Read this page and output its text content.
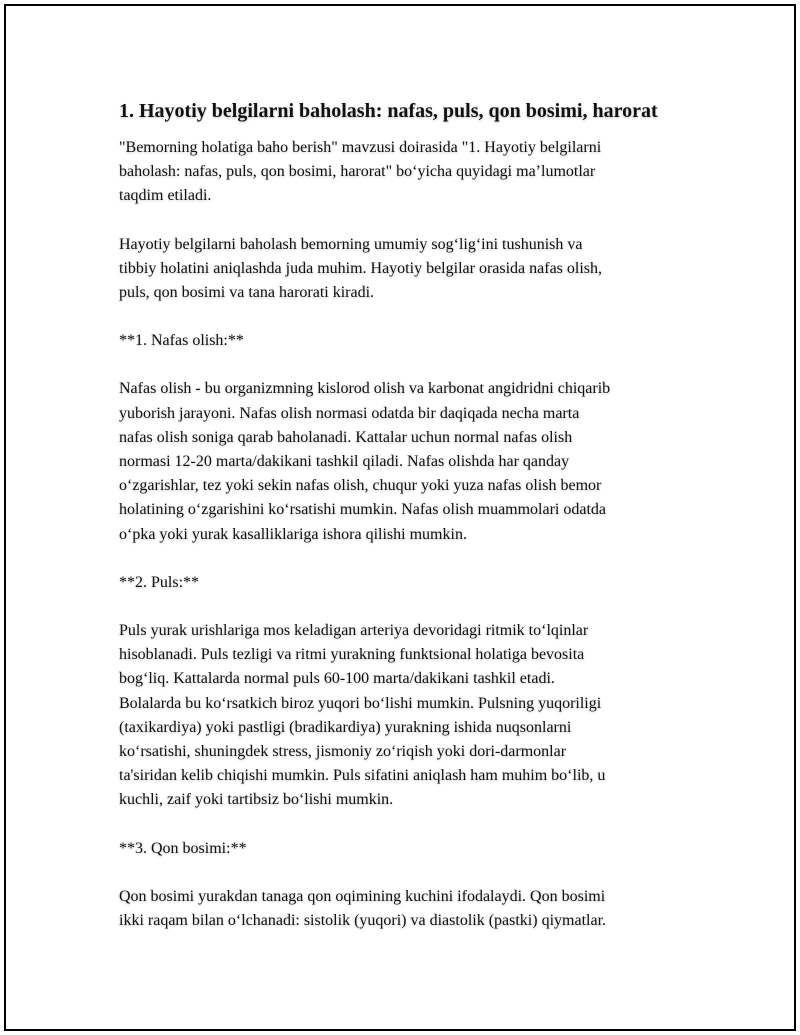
1. Hayotiy belgilarni baholash: nafas, puls, qon bosimi, harorat

"Bemorning holatiga baho berish" mavzusi doirasida "1. Hayotiy belgilarni
baholash: nafas, puls, qon bosimi, harorat" bo‘yicha quyidagi ma’lumotlar
taqdim etiladi.

Hayotiy belgilarni baholash bemorning umumiy sog‘lig‘ini tushunish va
tibbiy holatini aniqlashda juda muhim. Hayotiy belgilar orasida nafas olish,
puls, qon bosimi va tana harorati kiradi.

**1. Nafas olish:**

Nafas olish - bu organizmning kislorod olish va karbonat angidridni chiqarib
yuborish jarayoni. Nafas olish normasi odatda bir daqiqada necha marta
nafas olish soniga qarab baholanadi. Kattalar uchun normal nafas olish
normasi 12-20 marta/dakikani tashkil qiladi. Nafas olishda har qanday
o‘zgarishlar, tez yoki sekin nafas olish, chuqur yoki yuza nafas olish bemor
holatining o‘zgarishini ko‘rsatishi mumkin. Nafas olish muammolari odatda
o‘pka yoki yurak kasalliklariga ishora qilishi mumkin.

**2. Puls:**

Puls yurak urishlariga mos keladigan arteriya devoridagi ritmik to‘lqinlar
hisoblanadi. Puls tezligi va ritmi yurakning funktsional holatiga bevosita
bog‘liq. Kattalarda normal puls 60-100 marta/dakikani tashkil etadi.
Bolalarda bu ko‘rsatkich biroz yuqori bo‘lishi mumkin. Pulsning yuqoriligi
(taxikardiya) yoki pastligi (bradikardiya) yurakning ishida nuqsonlarni
ko‘rsatishi, shuningdek stress, jismoniy zo‘riqish yoki dori-darmonlar
ta'siridan kelib chiqishi mumkin. Puls sifatini aniqlash ham muhim bo‘lib, u
kuchli, zaif yoki tartibsiz bo‘lishi mumkin.

**3. Qon bosimi:**

Qon bosimi yurakdan tanaga qon oqimining kuchini ifodalaydi. Qon bosimi
ikki raqam bilan o‘lchanadi: sistolik (yuqori) va diastolik (pastki) qiymatlar.
